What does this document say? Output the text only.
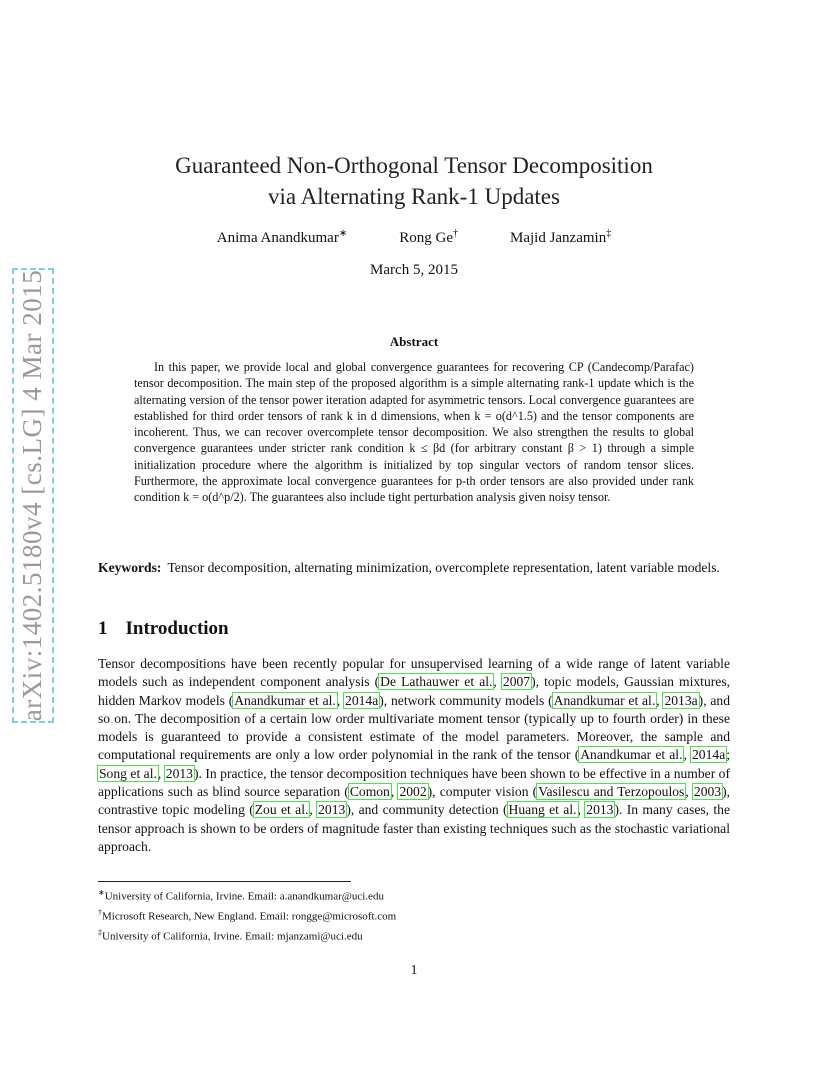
arXiv:1402.5180v4 [cs.LG] 4 Mar 2015
Guaranteed Non-Orthogonal Tensor Decomposition
via Alternating Rank-1 Updates
Anima Anandkumar∗	Rong Ge†	Majid Janzamin‡
March 5, 2015
Abstract

In this paper, we provide local and global convergence guarantees for recovering CP (Candecomp/Parafac) tensor decomposition. The main step of the proposed algorithm is a simple alternating rank-1 update which is the alternating version of the tensor power iteration adapted for asymmetric tensors. Local convergence guarantees are established for third order tensors of rank k in d dimensions, when k = o(d^1.5) and the tensor components are incoherent. Thus, we can recover overcomplete tensor decomposition. We also strengthen the results to global convergence guarantees under stricter rank condition k ≤ βd (for arbitrary constant β > 1) through a simple initialization procedure where the algorithm is initialized by top singular vectors of random tensor slices. Furthermore, the approximate local convergence guarantees for p-th order tensors are also provided under rank condition k = o(d^p/2). The guarantees also include tight perturbation analysis given noisy tensor.

Keywords: Tensor decomposition, alternating minimization, overcomplete representation, latent variable models.

1 Introduction

Tensor decompositions have been recently popular for unsupervised learning of a wide range of latent variable models such as independent component analysis (De Lathauwer et al., 2007), topic models, Gaussian mixtures, hidden Markov models (Anandkumar et al., 2014a), network community models (Anandkumar et al., 2013a), and so on. The decomposition of a certain low order multivariate moment tensor (typically up to fourth order) in these models is guaranteed to provide a consistent estimate of the model parameters. Moreover, the sample and computational requirements are only a low order polynomial in the rank of the tensor (Anandkumar et al., 2014a; Song et al., 2013). In practice, the tensor decomposition techniques have been shown to be effective in a number of applications such as blind source separation (Comon, 2002), computer vision (Vasilescu and Terzopoulos, 2003), contrastive topic modeling (Zou et al., 2013), and community detection (Huang et al., 2013). In many cases, the tensor approach is shown to be orders of magnitude faster than existing techniques such as the stochastic variational approach.

∗University of California, Irvine. Email: a.anandkumar@uci.edu
†Microsoft Research, New England. Email: rongge@microsoft.com
‡University of California, Irvine. Email: mjanzami@uci.edu
1
